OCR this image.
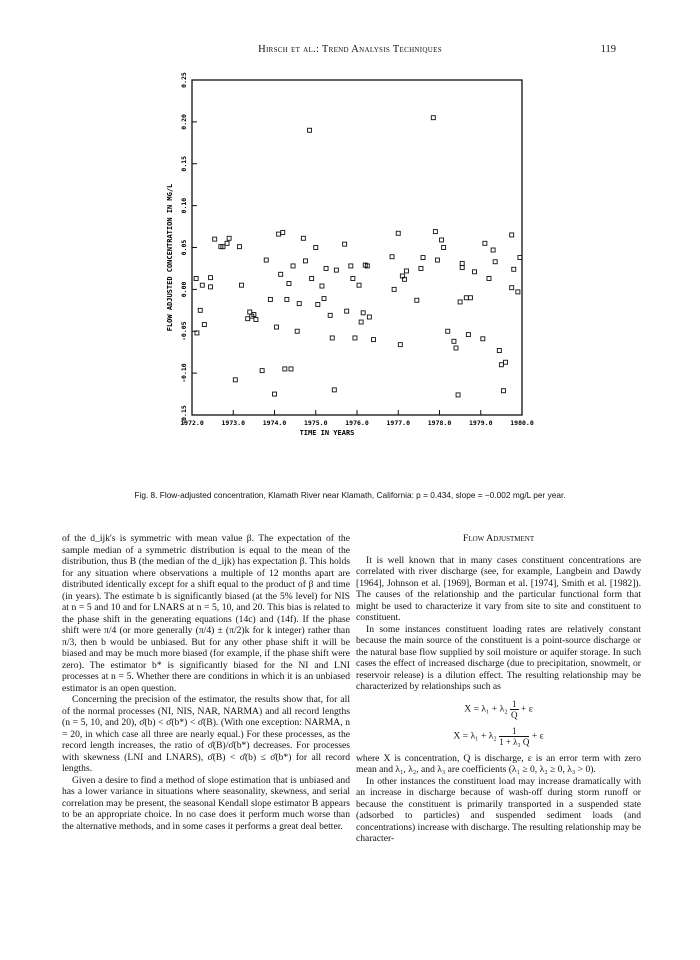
Hirsch et al.: Trend Analysis Techniques	119
1972.0	1973.0	1974.0	1975.0	1976.0	1977.0	1978.0	1979.0	1980.0
-0.15
-0.10
-0.05
0.00
0.05
0.10
0.15
0.20
0.25
TIME IN YEARS
FLOW ADJUSTED CONCENTRATION IN MG/L
Fig. 8. Flow-adjusted concentration, Klamath River near Klamath, California: p = 0.434, slope = −0.002 mg/L per year.

of the d_ijk's is symmetric with mean value β. The expectation of the sample median of a symmetric distribution is equal to the mean of the distribution, thus B (the median of the d_ijk) has expectation β. This holds for any situation where observations a multiple of 12 months apart are distributed identically except for a shift equal to the product of β and time (in years). The estimate b is significantly biased (at the 5% level) for NIS at n = 5 and 10 and for LNARS at n = 5, 10, and 20. This bias is related to the phase shift in the generating equations (14c) and (14f). If the phase shift were π/4 (or more generally (π/4) ± (π/2)k for k integer) rather than π/3, then b would be unbiased. But for any other phase shift it will be biased and may be much more biased (for example, if the phase shift were zero). The estimator b* is significantly biased for the NI and LNI processes at n = 5. Whether there are conditions in which it is an unbiased estimator is an open question.

Concerning the precision of the estimator, the results show that, for all of the normal processes (NI, NIS, NAR, NARMA) and all record lengths (n = 5, 10, and 20), σ̂(b) < σ̂(b*) < σ̂(B). (With one exception: NARMA, n = 20, in which case all three are nearly equal.) For these processes, as the record length increases, the ratio of σ̂(B)/σ̂(b*) decreases. For processes with skewness (LNI and LNARS), σ̂(B) < σ̂(b) ≤ σ̂(b*) for all record lengths.

Given a desire to find a method of slope estimation that is unbiased and has a lower variance in situations where seasonality, skewness, and serial correlation may be present, the seasonal Kendall slope estimator B appears to be an appropriate choice. In no case does it perform much worse than the alternative methods, and in some cases it performs a great deal better.

Flow Adjustment

It is well known that in many cases constituent concentrations are correlated with river discharge (see, for example, Langbein and Dawdy [1964], Johnson et al. [1969], Borman et al. [1974], Smith et al. [1982]). The causes of the relationship and the particular functional form that might be used to characterize it vary from site to site and constituent to constituent.

In some instances constituent loading rates are relatively constant because the main source of the constituent is a point-source discharge or the natural base flow supplied by soil moisture or aquifer storage. In such cases the effect of increased discharge (due to precipitation, snowmelt, or reservoir release) is a dilution effect. The resulting relationship may be characterized by relationships such as

$X = \lambda_1 + \lambda_2 \frac{1}{Q} + \varepsilon$
$X = \lambda_1 + \lambda_2 \frac{1}{\text{1 + λ₃ Q}} + \varepsilon$

where X is concentration, Q is discharge, ε is an error term with zero mean and λ₁, λ₂, and λ₃ are coefficients (λ₁ ≥ 0, λ₂ ≥ 0, λ₃ > 0).

In other instances the constituent load may increase dramatically with an increase in discharge because of wash-off during storm runoff or because the constituent is primarily transported in a suspended state (adsorbed to particles) and suspended sediment loads (and concentrations) increase with discharge. The resulting relationship may be character-
